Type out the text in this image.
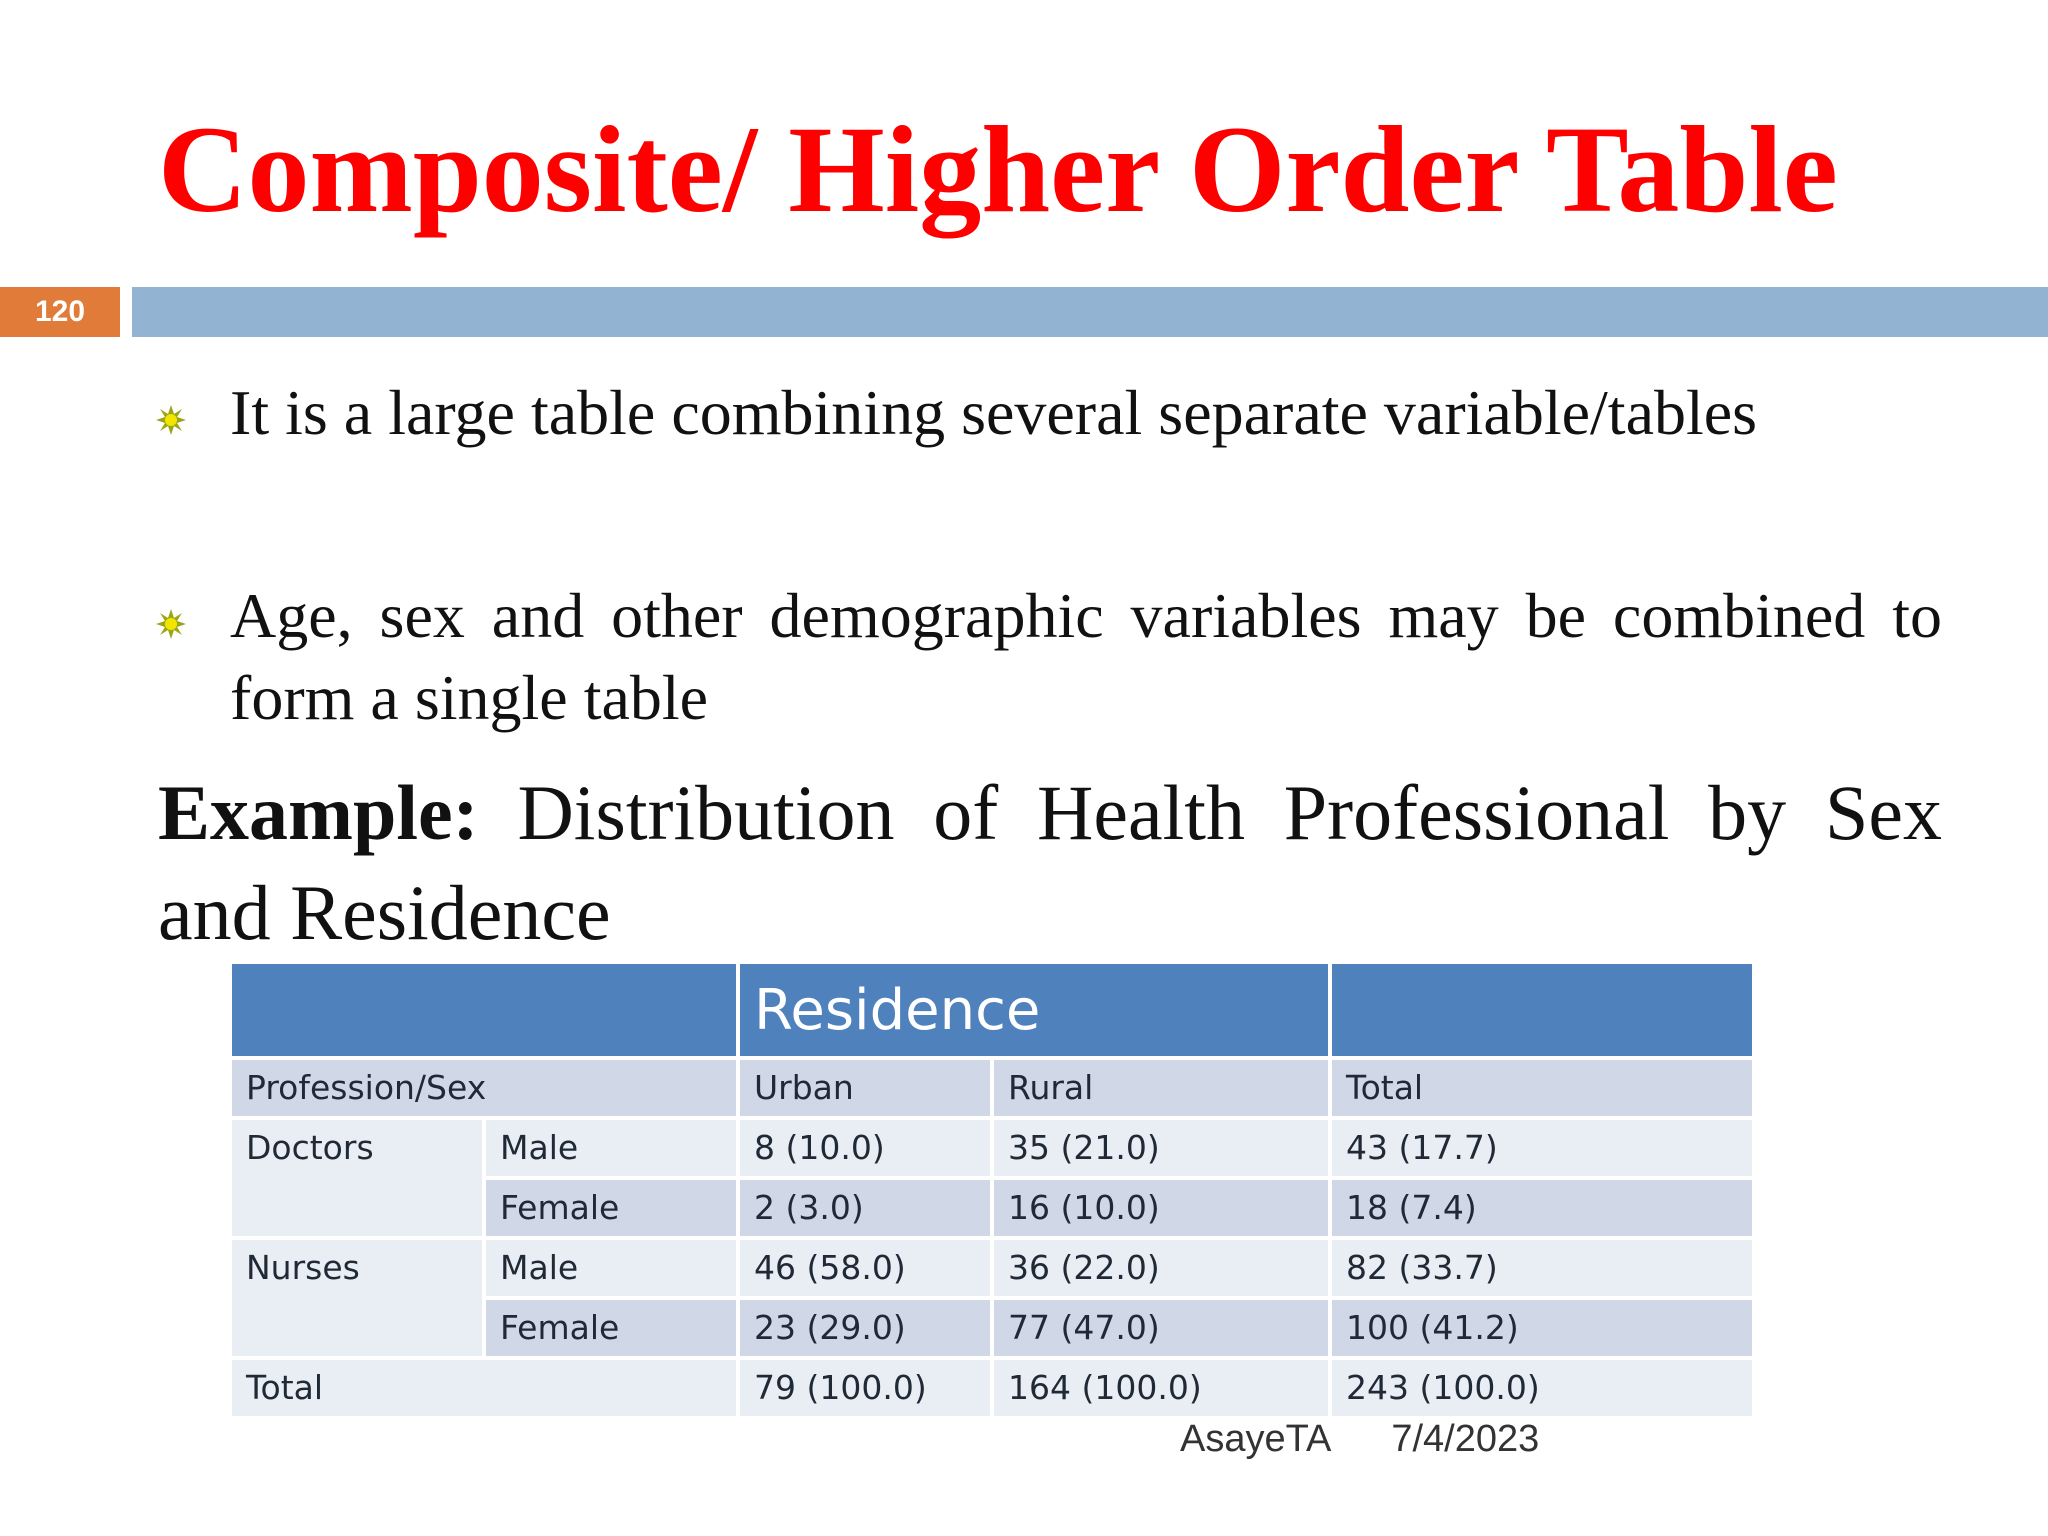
Composite/ Higher Order Table
120
It is a large table combining several separate variable/tables
Age, sex and other demographic variables may be combined to form a single table
Example: Distribution of Health Professional by Sex and Residence
AsayeTA 7/4/2023
		Residence		
Profession/Sex		Urban	Rural	Total
Doctors	Male	8 (10.0)	35 (21.0)	43 (17.7)
	Female	2 (3.0)	16 (10.0)	18 (7.4)
Nurses	Male	46 (58.0)	36 (22.0)	82 (33.7)
	Female	23 (29.0)	77 (47.0)	100 (41.2)
Total		79 (100.0)	164 (100.0)	243 (100.0)
